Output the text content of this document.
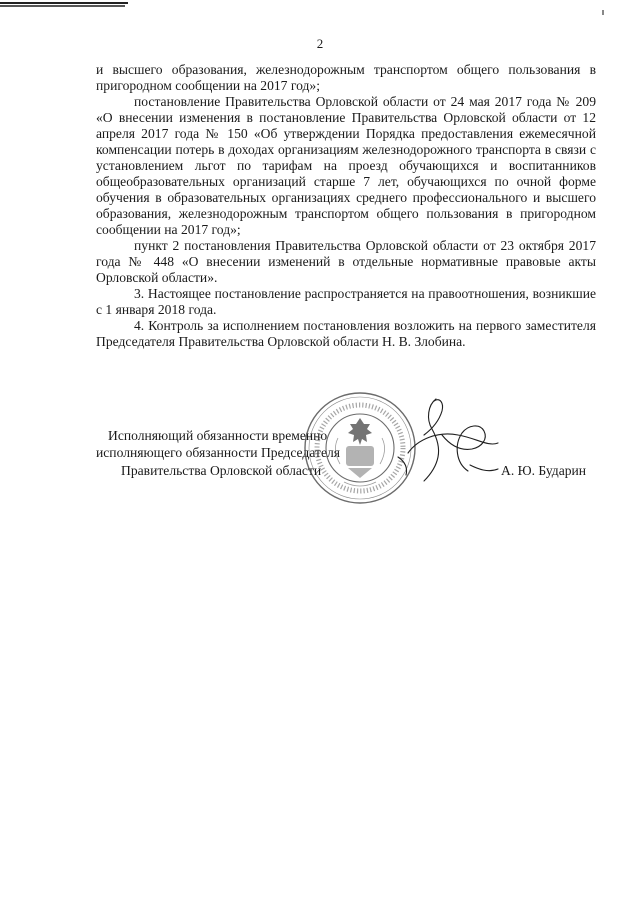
2

и высшего образования, железнодорожным транспортом общего пользования в пригородном сообщении на 2017 год»;

постановление Правительства Орловской области от 24 мая 2017 года № 209 «О внесении изменения в постановление Правительства Орловской области от 12 апреля 2017 года № 150 «Об утверждении Порядка предоставления ежемесячной компенсации потерь в доходах организациям железнодорожного транспорта в связи с установлением льгот по тарифам на проезд обучающихся и воспитанников общеобразовательных организаций старше 7 лет, обучающихся по очной форме обучения в образовательных организациях среднего профессионального и высшего образования, железнодорожным транспортом общего пользования в пригородном сообщении на 2017 год»;

пункт 2 постановления Правительства Орловской области от 23 октября 2017 года № 448 «О внесении изменений в отдельные нормативные правовые акты Орловской области».

3. Настоящее постановление распространяется на правоотношения, возникшие с 1 января 2018 года.

4. Контроль за исполнением постановления возложить на первого заместителя Председателя Правительства Орловской области Н. В. Злобина.

Исполняющий обязанности временно
исполняющего обязанности Председателя
Правительства Орловской области	А. Ю. Бударин
